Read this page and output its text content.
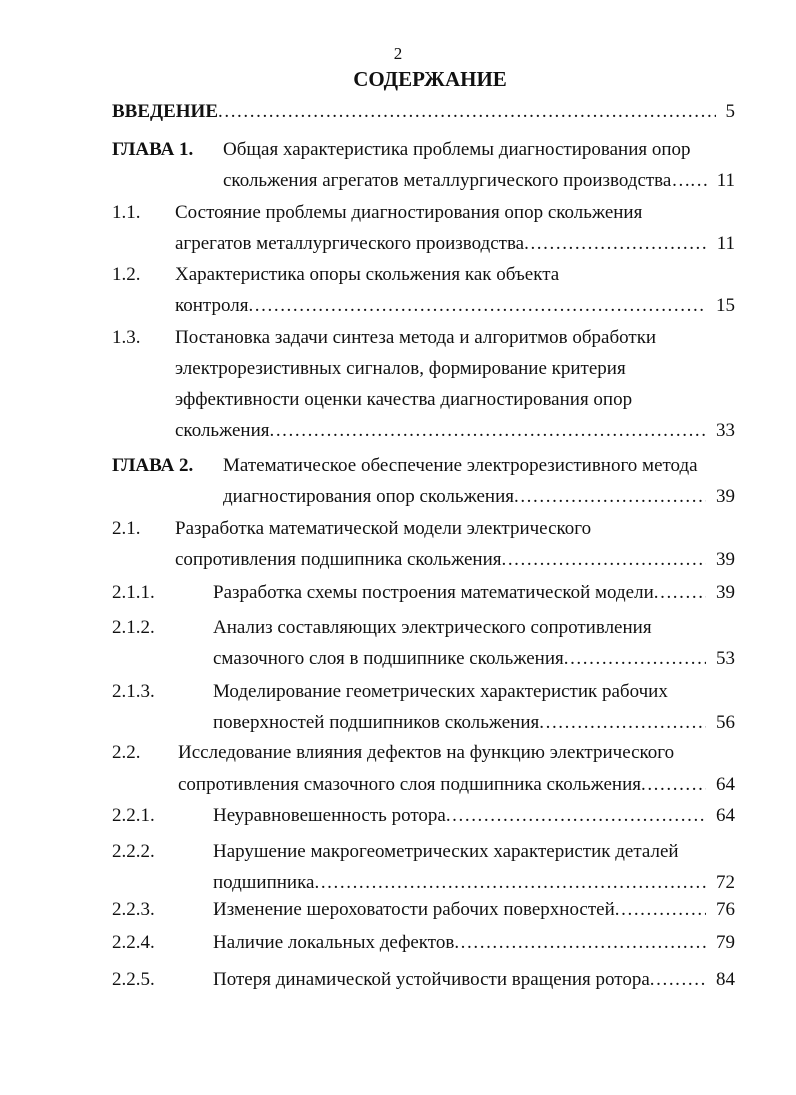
2
СОДЕРЖАНИЕ
ВВЕДЕНИЕ .....	5
ГЛАВА 1. Общая характеристика проблемы диагностирования опор
скольжения агрегатов металлургического производства… ..... 11
1.1. Состояние проблемы диагностирования опор скольжения
агрегатов металлургического производства .....	11
1.2. Характеристика опоры скольжения как объекта
контроля .....	15
1.3. Постановка задачи синтеза метода и алгоритмов обработки
электрорезистивных сигналов, формирование критерия
эффективности оценки качества диагностирования опор
скольжения .....	33
ГЛАВА 2. Математическое обеспечение электрорезистивного метода
диагностирования опор скольжения .....	39
2.1. Разработка математической модели электрического
сопротивления подшипника скольжения .....	39
2.1.1.	Разработка схемы построения математической модели .....	39
2.1.2.	Анализ составляющих электрического сопротивления
смазочного слоя в подшипнике скольжения .....	53
2.1.3.	Моделирование геометрических характеристик рабочих
поверхностей подшипников скольжения .....	56
2.2. Исследование влияния дефектов на функцию электрического
сопротивления смазочного слоя подшипника скольжения .....	64
2.2.1.	Неуравновешенность ротора .....	64
2.2.2.	Нарушение макрогеометрических характеристик деталей
подшипника .....	72
2.2.3.	Изменение шероховатости рабочих поверхностей .....	76
2.2.4.	Наличие локальных дефектов .....	79
2.2.5.	Потеря динамической устойчивости вращения ротора .....	84
